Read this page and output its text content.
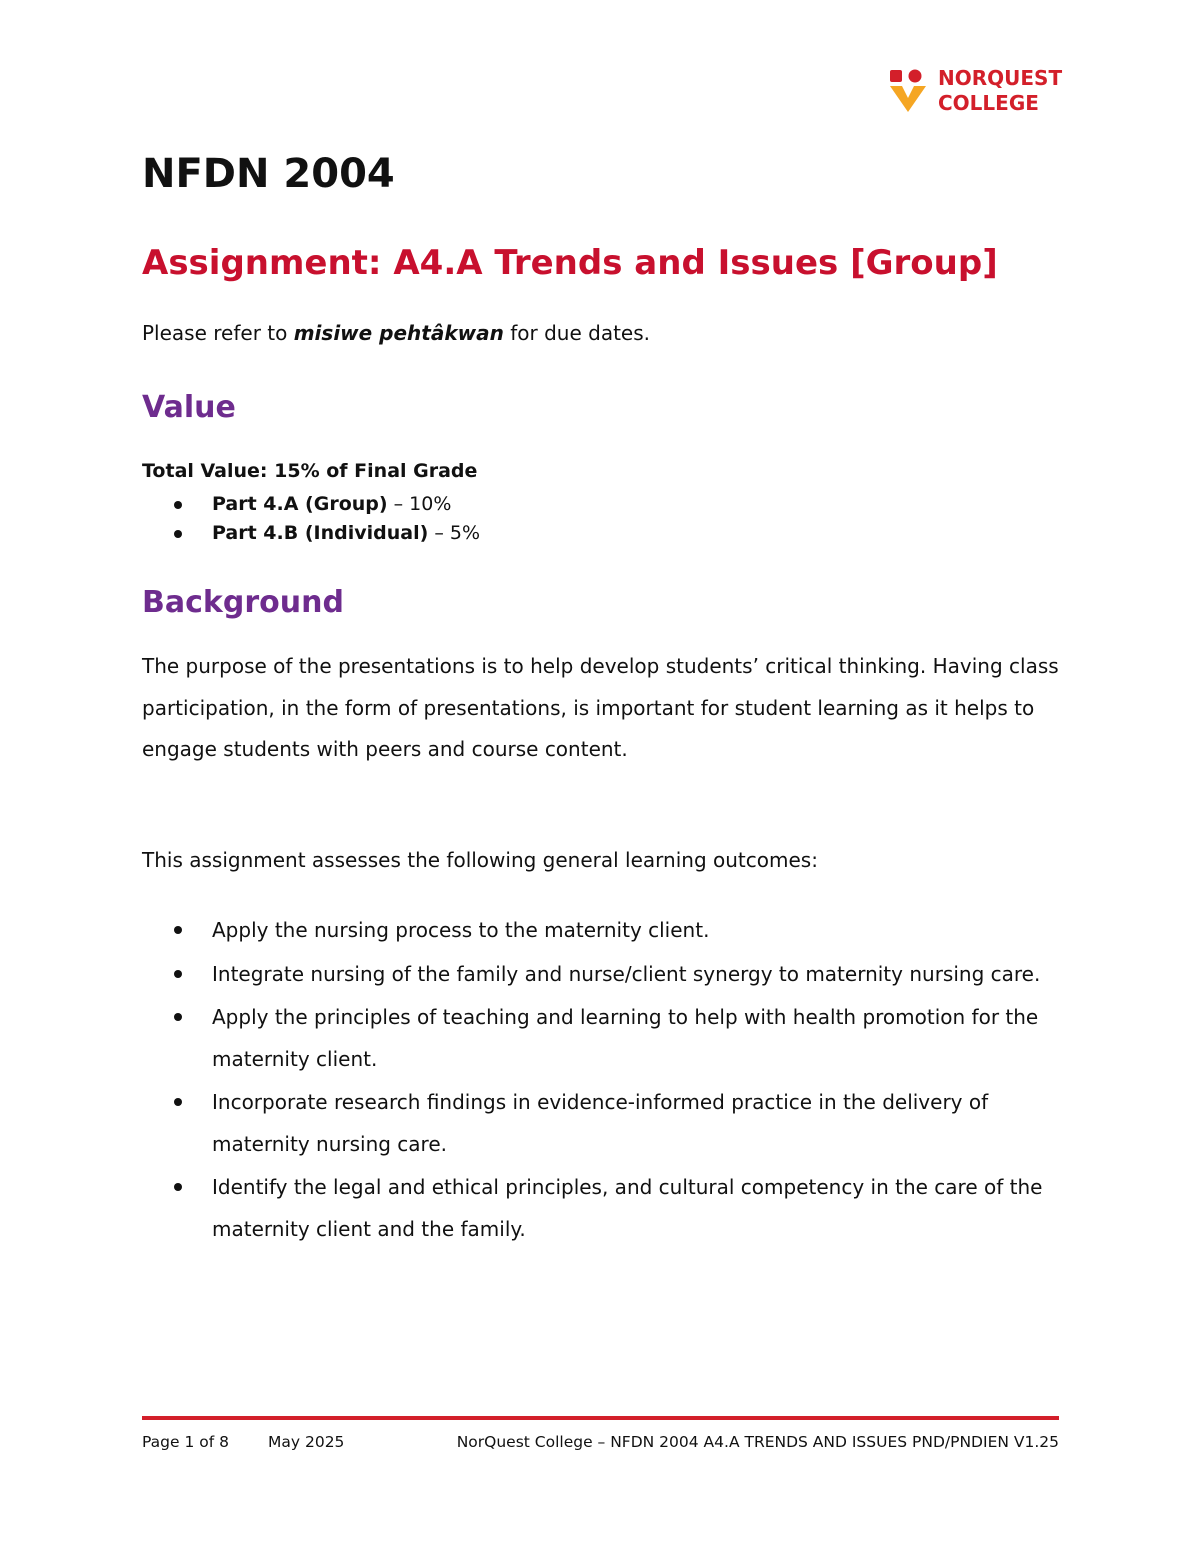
NORQUEST
COLLEGE
NFDN 2004
Assignment: A4.A Trends and Issues [Group]

Please refer to misiwe pehtâkwan for due dates.

Value

Total Value: 15% of Final Grade

Part 4.A (Group) – 10%
Part 4.B (Individual) – 5%
Background

The purpose of the presentations is to help develop students’ critical thinking. Having class participation, in the form of presentations, is important for student learning as it helps to engage students with peers and course content.

This assignment assesses the following general learning outcomes:

Apply the nursing process to the maternity client.
Integrate nursing of the family and nurse/client synergy to maternity nursing care.
Apply the principles of teaching and learning to help with health promotion for the maternity client.
Incorporate research findings in evidence-informed practice in the delivery of maternity nursing care.
Identify the legal and ethical principles, and cultural competency in the care of the maternity client and the family.
Page 1 of 8	May 2025	NorQuest College – NFDN 2004 A4.A TRENDS AND ISSUES PND/PNDIEN V1.25
